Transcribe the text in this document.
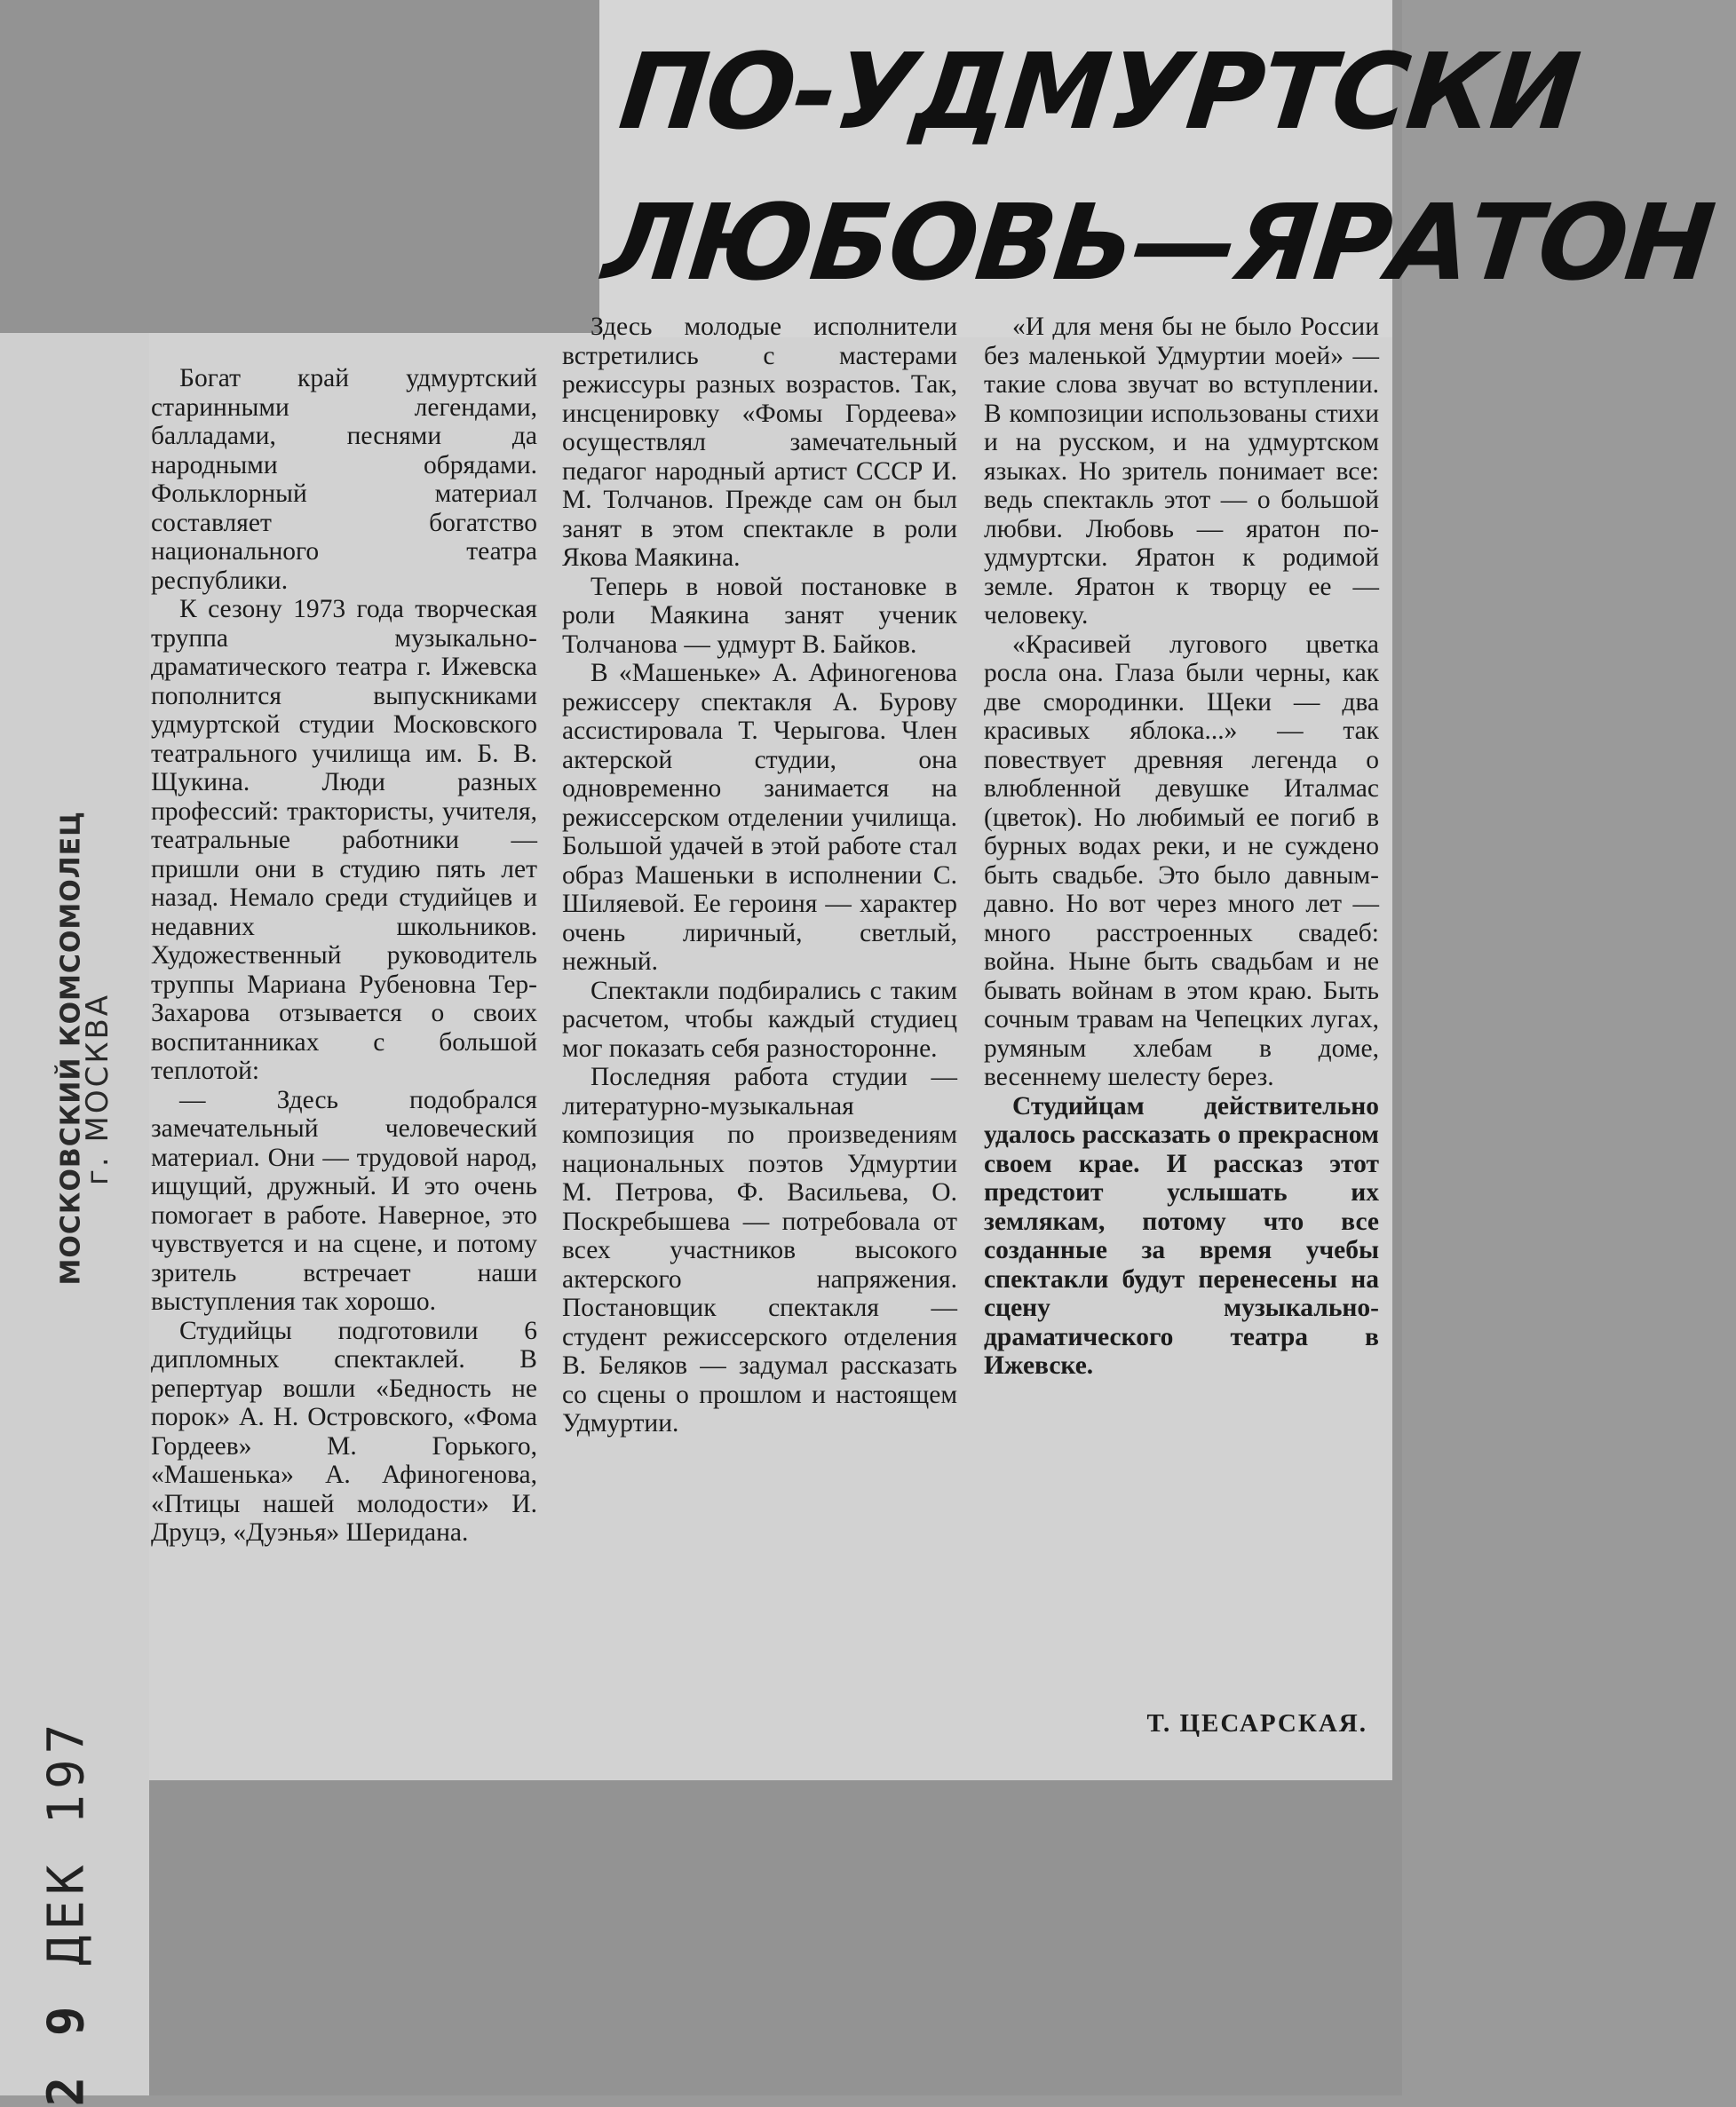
ПО-УДМУРТСКИ
ЛЮБОВЬ—ЯРАТОН
МОСКОВСКИЙ КОМСОМОЛЕЦ
г. МОСКВА
2 9 ДЕК 197

Богат край удмуртский старинными легендами, балладами, песнями да народными обрядами. Фольклорный материал составляет богатство национального театра республики.

К сезону 1973 года творческая труппа музыкально-драматического театра г. Ижевска пополнится выпускниками удмуртской студии Московского театрального училища им. Б. В. Щукина. Люди разных профессий: трактористы, учителя, театральные работники — пришли они в студию пять лет назад. Немало среди студийцев и недавних школьников. Художественный руководитель труппы Мариана Рубеновна Тер-Захарова отзывается о своих воспитанниках с большой теплотой:

— Здесь подобрался замечательный человеческий материал. Они — трудовой народ, ищущий, дружный. И это очень помогает в работе. Наверное, это чувствуется и на сцене, и потому зритель встречает наши выступления так хорошо.

Студийцы подготовили 6 дипломных спектаклей. В репертуар вошли «Бедность не порок» А. Н. Островского, «Фома Гордеев» М. Горького, «Машенька» А. Афиногенова, «Птицы нашей молодости» И. Друцэ, «Дуэнья» Шеридана.

Здесь молодые исполнители встретились с мастерами режиссуры разных возрастов. Так, инсценировку «Фомы Гордеева» осуществлял замечательный педагог народный артист СССР И. М. Толчанов. Прежде сам он был занят в этом спектакле в роли Якова Маякина.

Теперь в новой постановке в роли Маякина занят ученик Толчанова — удмурт В. Байков.

В «Машеньке» А. Афиногенова режиссеру спектакля А. Бурову ассистировала Т. Черыгова. Член актерской студии, она одновременно занимается на режиссерском отделении училища. Большой удачей в этой работе стал образ Машеньки в исполнении С. Шиляевой. Ее героиня — характер очень лиричный, светлый, нежный.

Спектакли подбирались с таким расчетом, чтобы каждый студиец мог показать себя разносторонне.

Последняя работа студии — литературно-музыкальная композиция по произведениям национальных поэтов Удмуртии М. Петрова, Ф. Васильева, О. Поскребышева — потребовала от всех участников высокого актерского напряжения. Постановщик спектакля — студент режиссерского отделения В. Беляков — задумал рассказать со сцены о прошлом и настоящем Удмуртии.

«И для меня бы не было России без маленькой Удмуртии моей» — такие слова звучат во вступлении. В композиции использованы стихи и на русском, и на удмуртском языках. Но зритель понимает все: ведь спектакль этот — о большой любви. Любовь — яратон по-удмуртски. Яратон к родимой земле. Яратон к творцу ее — человеку.

«Красивей лугового цветка росла она. Глаза были черны, как две смородинки. Щеки — два красивых яблока...» — так повествует древняя легенда о влюбленной девушке Италмас (цветок). Но любимый ее погиб в бурных водах реки, и не суждено быть свадьбе. Это было давным-давно. Но вот через много лет — много расстроенных свадеб: война. Ныне быть свадьбам и не бывать войнам в этом краю. Быть сочным травам на Чепецких лугах, румяным хлебам в доме, весеннему шелесту берез.

Студийцам действительно удалось рассказать о прекрасном своем крае. И рассказ этот предстоит услышать их землякам, потому что все созданные за время учебы спектакли будут перенесены на сцену музыкально-драматического театра в Ижевске.

Т. ЦЕСАРСКАЯ.
